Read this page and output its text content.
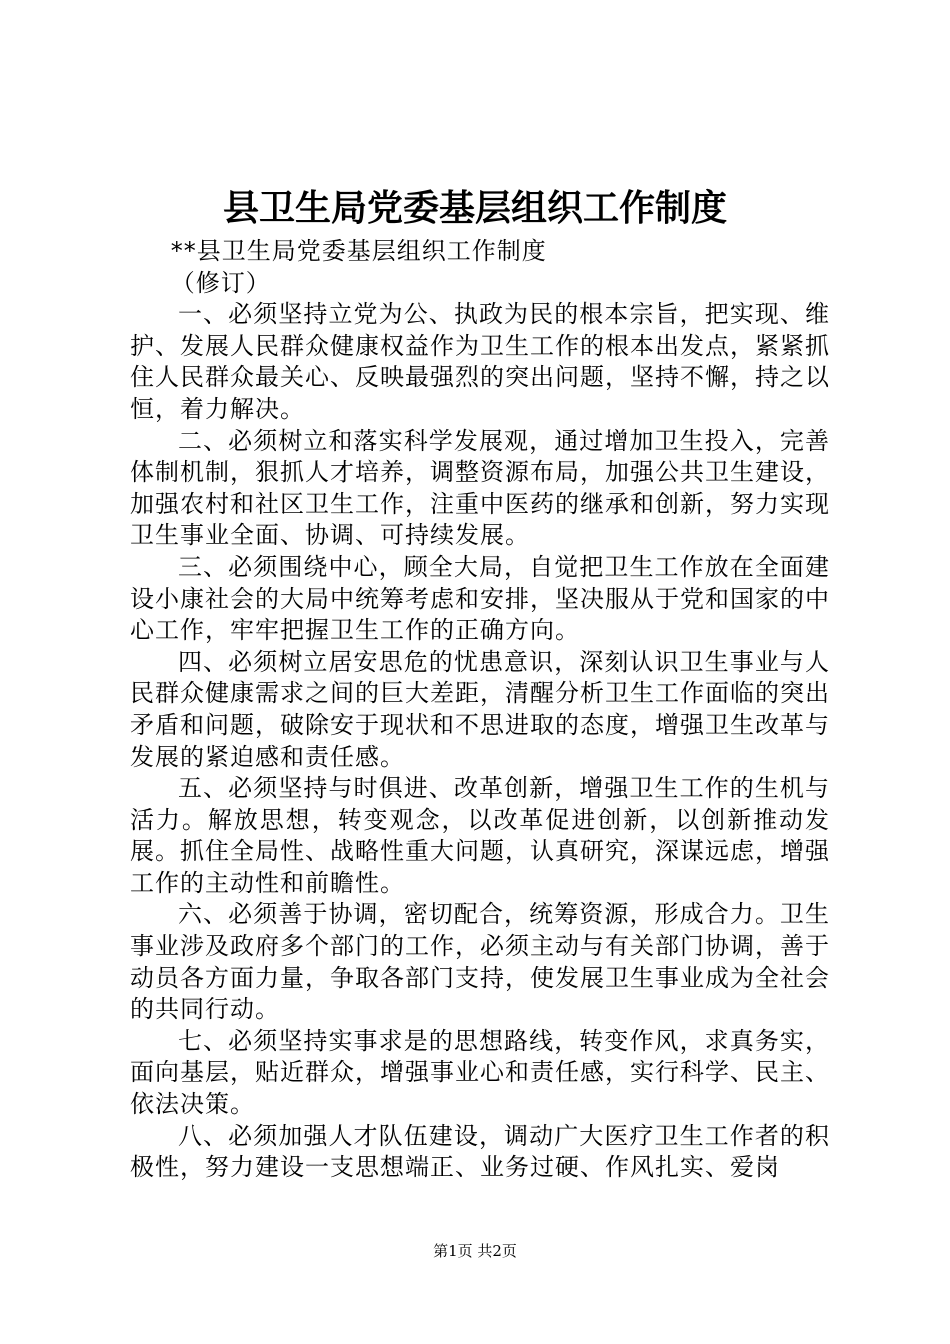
县卫生局党委基层组织工作制度

**县卫生局党委基层组织工作制度

（修订）

一、必须坚持立党为公、执政为民的根本宗旨，把实现、维护、发展人民群众健康权益作为卫生工作的根本出发点，紧紧抓住人民群众最关心、反映最强烈的突出问题，坚持不懈，持之以恒，着力解决。

二、必须树立和落实科学发展观，通过增加卫生投入，完善体制机制，狠抓人才培养，调整资源布局，加强公共卫生建设，加强农村和社区卫生工作，注重中医药的继承和创新，努力实现卫生事业全面、协调、可持续发展。

三、必须围绕中心，顾全大局，自觉把卫生工作放在全面建设小康社会的大局中统筹考虑和安排，坚决服从于党和国家的中心工作，牢牢把握卫生工作的正确方向。

四、必须树立居安思危的忧患意识，深刻认识卫生事业与人民群众健康需求之间的巨大差距，清醒分析卫生工作面临的突出矛盾和问题，破除安于现状和不思进取的态度，增强卫生改革与发展的紧迫感和责任感。

五、必须坚持与时俱进、改革创新，增强卫生工作的生机与活力。解放思想，转变观念，以改革促进创新，以创新推动发展。抓住全局性、战略性重大问题，认真研究，深谋远虑，增强工作的主动性和前瞻性。

六、必须善于协调，密切配合，统筹资源，形成合力。卫生事业涉及政府多个部门的工作，必须主动与有关部门协调，善于动员各方面力量，争取各部门支持，使发展卫生事业成为全社会的共同行动。

七、必须坚持实事求是的思想路线，转变作风，求真务实，面向基层，贴近群众，增强事业心和责任感，实行科学、民主、依法决策。

八、必须加强人才队伍建设，调动广大医疗卫生工作者的积极性，努力建设一支思想端正、业务过硬、作风扎实、爱岗

第1页 共2页
